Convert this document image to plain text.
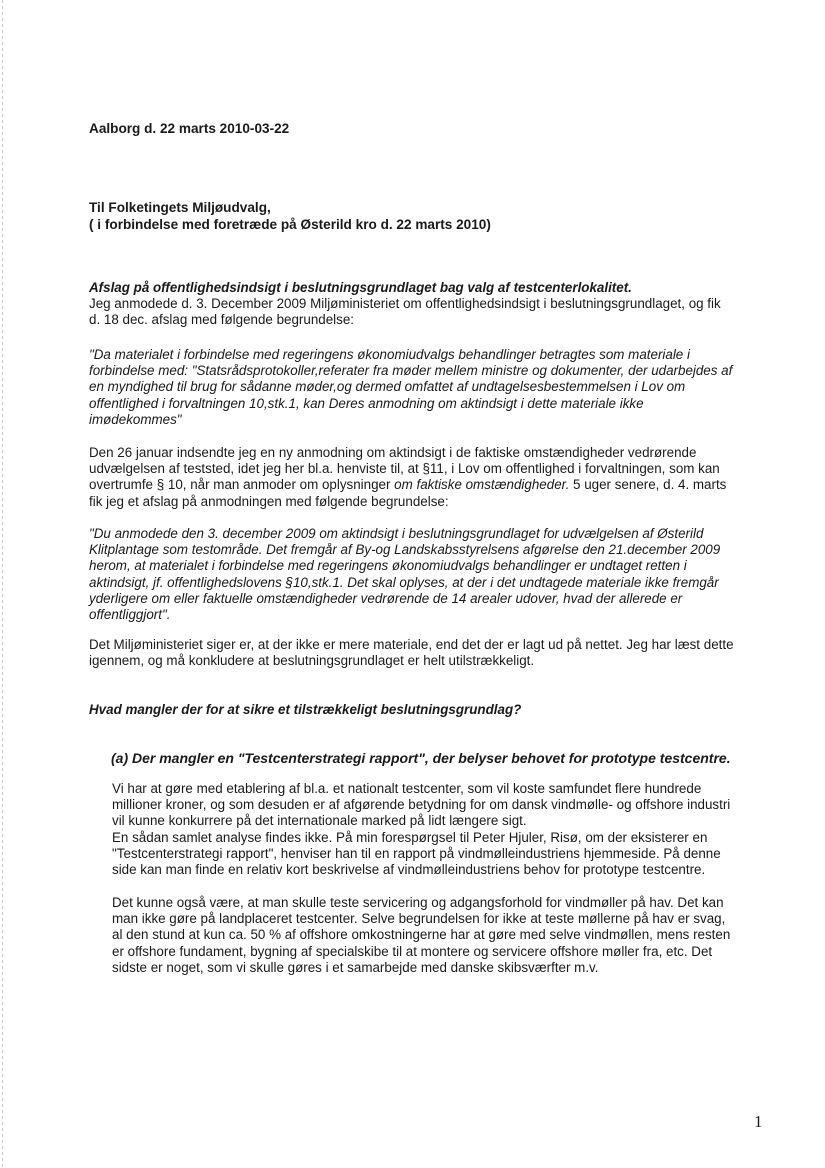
Aalborg d. 22 marts 2010-03-22
Til Folketingets Miljøudvalg,
( i forbindelse med foretræde på Østerild kro d. 22 marts 2010)
Afslag på offentlighedsindsigt i beslutningsgrundlaget bag valg af testcenterlokalitet.
Jeg anmodede d. 3. December 2009 Miljøministeriet om offentlighedsindsigt i beslutningsgrundlaget, og fik
d. 18 dec. afslag med følgende begrundelse:
"Da materialet i forbindelse med regeringens økonomiudvalgs behandlinger betragtes som materiale i
forbindelse med: "Statsrådsprotokoller,referater fra møder mellem ministre og dokumenter, der udarbejdes af
en myndighed til brug for sådanne møder,og dermed omfattet af undtagelsesbestemmelsen i Lov om
offentlighed i forvaltningen 10,stk.1, kan Deres anmodning om aktindsigt i dette materiale ikke
imødekommes"
Den 26 januar indsendte jeg en ny anmodning om aktindsigt i de faktiske omstændigheder vedrørende
udvælgelsen af teststed, idet jeg her bl.a. henviste til, at §11, i Lov om offentlighed i forvaltningen, som kan
overtrumfe § 10, når man anmoder om oplysninger om faktiske omstændigheder. 5 uger senere, d. 4. marts
fik jeg et afslag på anmodningen med følgende begrundelse:
"Du anmodede den 3. december 2009 om aktindsigt i beslutningsgrundlaget for udvælgelsen af Østerild
Klitplantage som testområde. Det fremgår af By-og Landskabsstyrelsens afgørelse den 21.december 2009
herom, at materialet i forbindelse med regeringens økonomiudvalgs behandlinger er undtaget retten i
aktindsigt, jf. offentlighedslovens §10,stk.1. Det skal oplyses, at der i det undtagede materiale ikke fremgår
yderligere om eller faktuelle omstændigheder vedrørende de 14 arealer udover, hvad der allerede er
offentliggjort".
Det Miljøministeriet siger er, at der ikke er mere materiale, end det der er lagt ud på nettet. Jeg har læst dette
igennem, og må konkludere at beslutningsgrundlaget er helt utilstrækkeligt.
Hvad mangler der for at sikre et tilstrækkeligt beslutningsgrundlag?
(a) Der mangler en "Testcenterstrategi rapport", der belyser behovet for prototype testcentre.
Vi har at gøre med etablering af bl.a. et nationalt testcenter, som vil koste samfundet flere hundrede
millioner kroner, og som desuden er af afgørende betydning for om dansk vindmølle- og offshore industri
vil kunne konkurrere på det internationale marked på lidt længere sigt.
En sådan samlet analyse findes ikke. På min forespørgsel til Peter Hjuler, Risø, om der eksisterer en
"Testcenterstrategi rapport", henviser han til en rapport på vindmølleindustriens hjemmeside. På denne
side kan man finde en relativ kort beskrivelse af vindmølleindustriens behov for prototype testcentre.
Det kunne også være, at man skulle teste servicering og adgangsforhold for vindmøller på hav. Det kan
man ikke gøre på landplaceret testcenter. Selve begrundelsen for ikke at teste møllerne på hav er svag,
al den stund at kun ca. 50 % af offshore omkostningerne har at gøre med selve vindmøllen, mens resten
er offshore fundament, bygning af specialskibe til at montere og servicere offshore møller fra, etc. Det
sidste er noget, som vi skulle gøres i et samarbejde med danske skibsværfter m.v.
1
